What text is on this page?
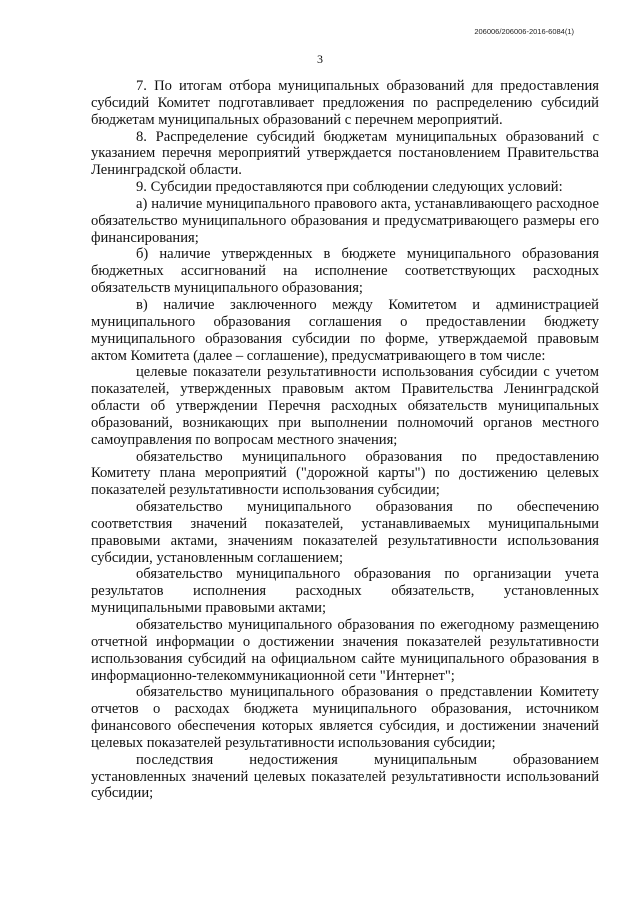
206006/206006-2016-6084(1)
3

7. По итогам отбора муниципальных образований для предоставления субсидий Комитет подготавливает предложения по распределению субсидий бюджетам муниципальных образований с перечнем мероприятий.

8. Распределение субсидий бюджетам муниципальных образований с указанием перечня мероприятий утверждается постановлением Правительства Ленинградской области.

9. Субсидии предоставляются при соблюдении следующих условий:

а) наличие муниципального правового акта, устанавливающего расходное обязательство муниципального образования и предусматривающего размеры его финансирования;

б) наличие утвержденных в бюджете муниципального образования бюджетных ассигнований на исполнение соответствующих расходных обязательств муниципального образования;

в) наличие заключенного между Комитетом и администрацией муниципального образования соглашения о предоставлении бюджету муниципального образования субсидии по форме, утверждаемой правовым актом Комитета (далее – соглашение), предусматривающего в том числе:

целевые показатели результативности использования субсидии с учетом показателей, утвержденных правовым актом Правительства Ленинградской области об утверждении Перечня расходных обязательств муниципальных образований, возникающих при выполнении полномочий органов местного самоуправления по вопросам местного значения;

обязательство муниципального образования по предоставлению Комитету плана мероприятий ("дорожной карты") по достижению целевых показателей результативности использования субсидии;

обязательство муниципального образования по обеспечению соответствия значений показателей, устанавливаемых муниципальными правовыми актами, значениям показателей результативности использования субсидии, установленным соглашением;

обязательство муниципального образования по организации учета результатов исполнения расходных обязательств, установленных муниципальными правовыми актами;

обязательство муниципального образования по ежегодному размещению отчетной информации о достижении значения показателей результативности использования субсидий на официальном сайте муниципального образования в информационно-телекоммуникационной сети "Интернет";

обязательство муниципального образования о представлении Комитету отчетов о расходах бюджета муниципального образования, источником финансового обеспечения которых является субсидия, и достижении значений целевых показателей результативности использования субсидии;

последствия недостижения муниципальным образованием установленных значений целевых показателей результативности использований субсидии;
